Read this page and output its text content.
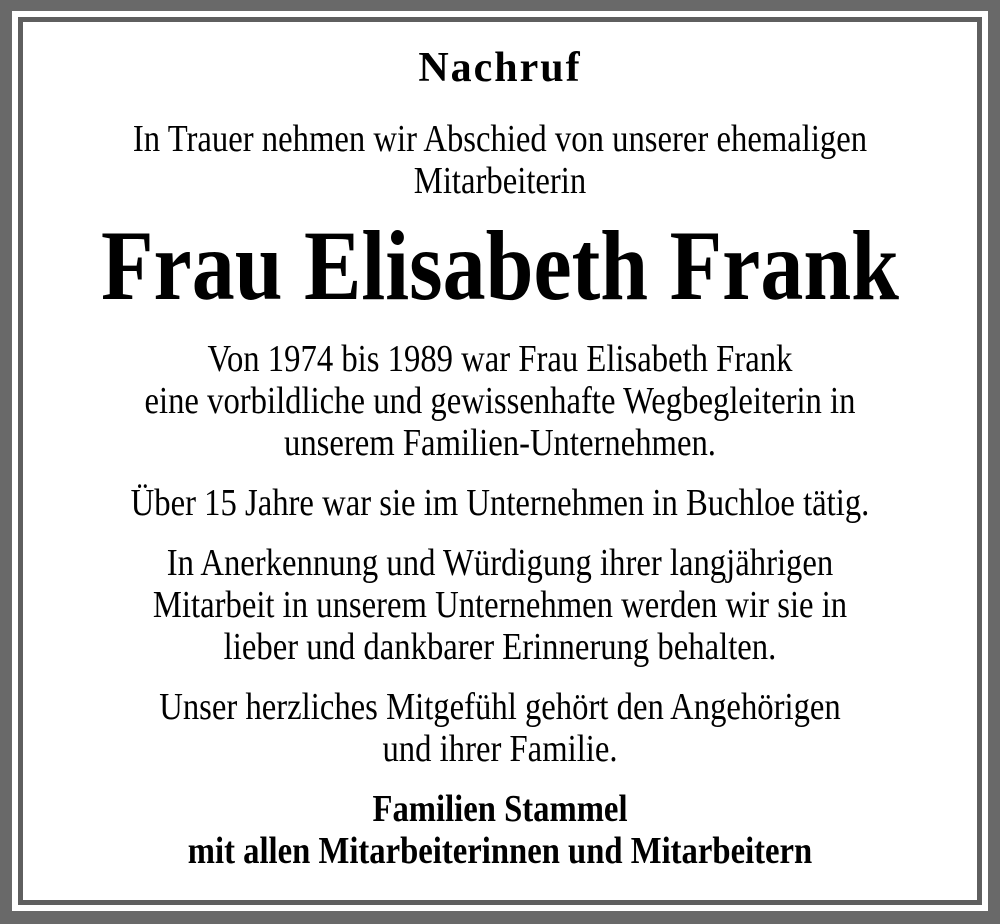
Nachruf
In Trauer nehmen wir Abschied von unserer ehemaligen
Mitarbeiterin
Frau Elisabeth Frank
Von 1974 bis 1989 war Frau Elisabeth Frank
eine vorbildliche und gewissenhafte Wegbegleiterin in
unserem Familien-Unternehmen.
Über 15 Jahre war sie im Unternehmen in Buchloe tätig.
In Anerkennung und Würdigung ihrer langjährigen
Mitarbeit in unserem Unternehmen werden wir sie in
lieber und dankbarer Erinnerung behalten.
Unser herzliches Mitgefühl gehört den Angehörigen
und ihrer Familie.
Familien Stammel
mit allen Mitarbeiterinnen und Mitarbeitern
